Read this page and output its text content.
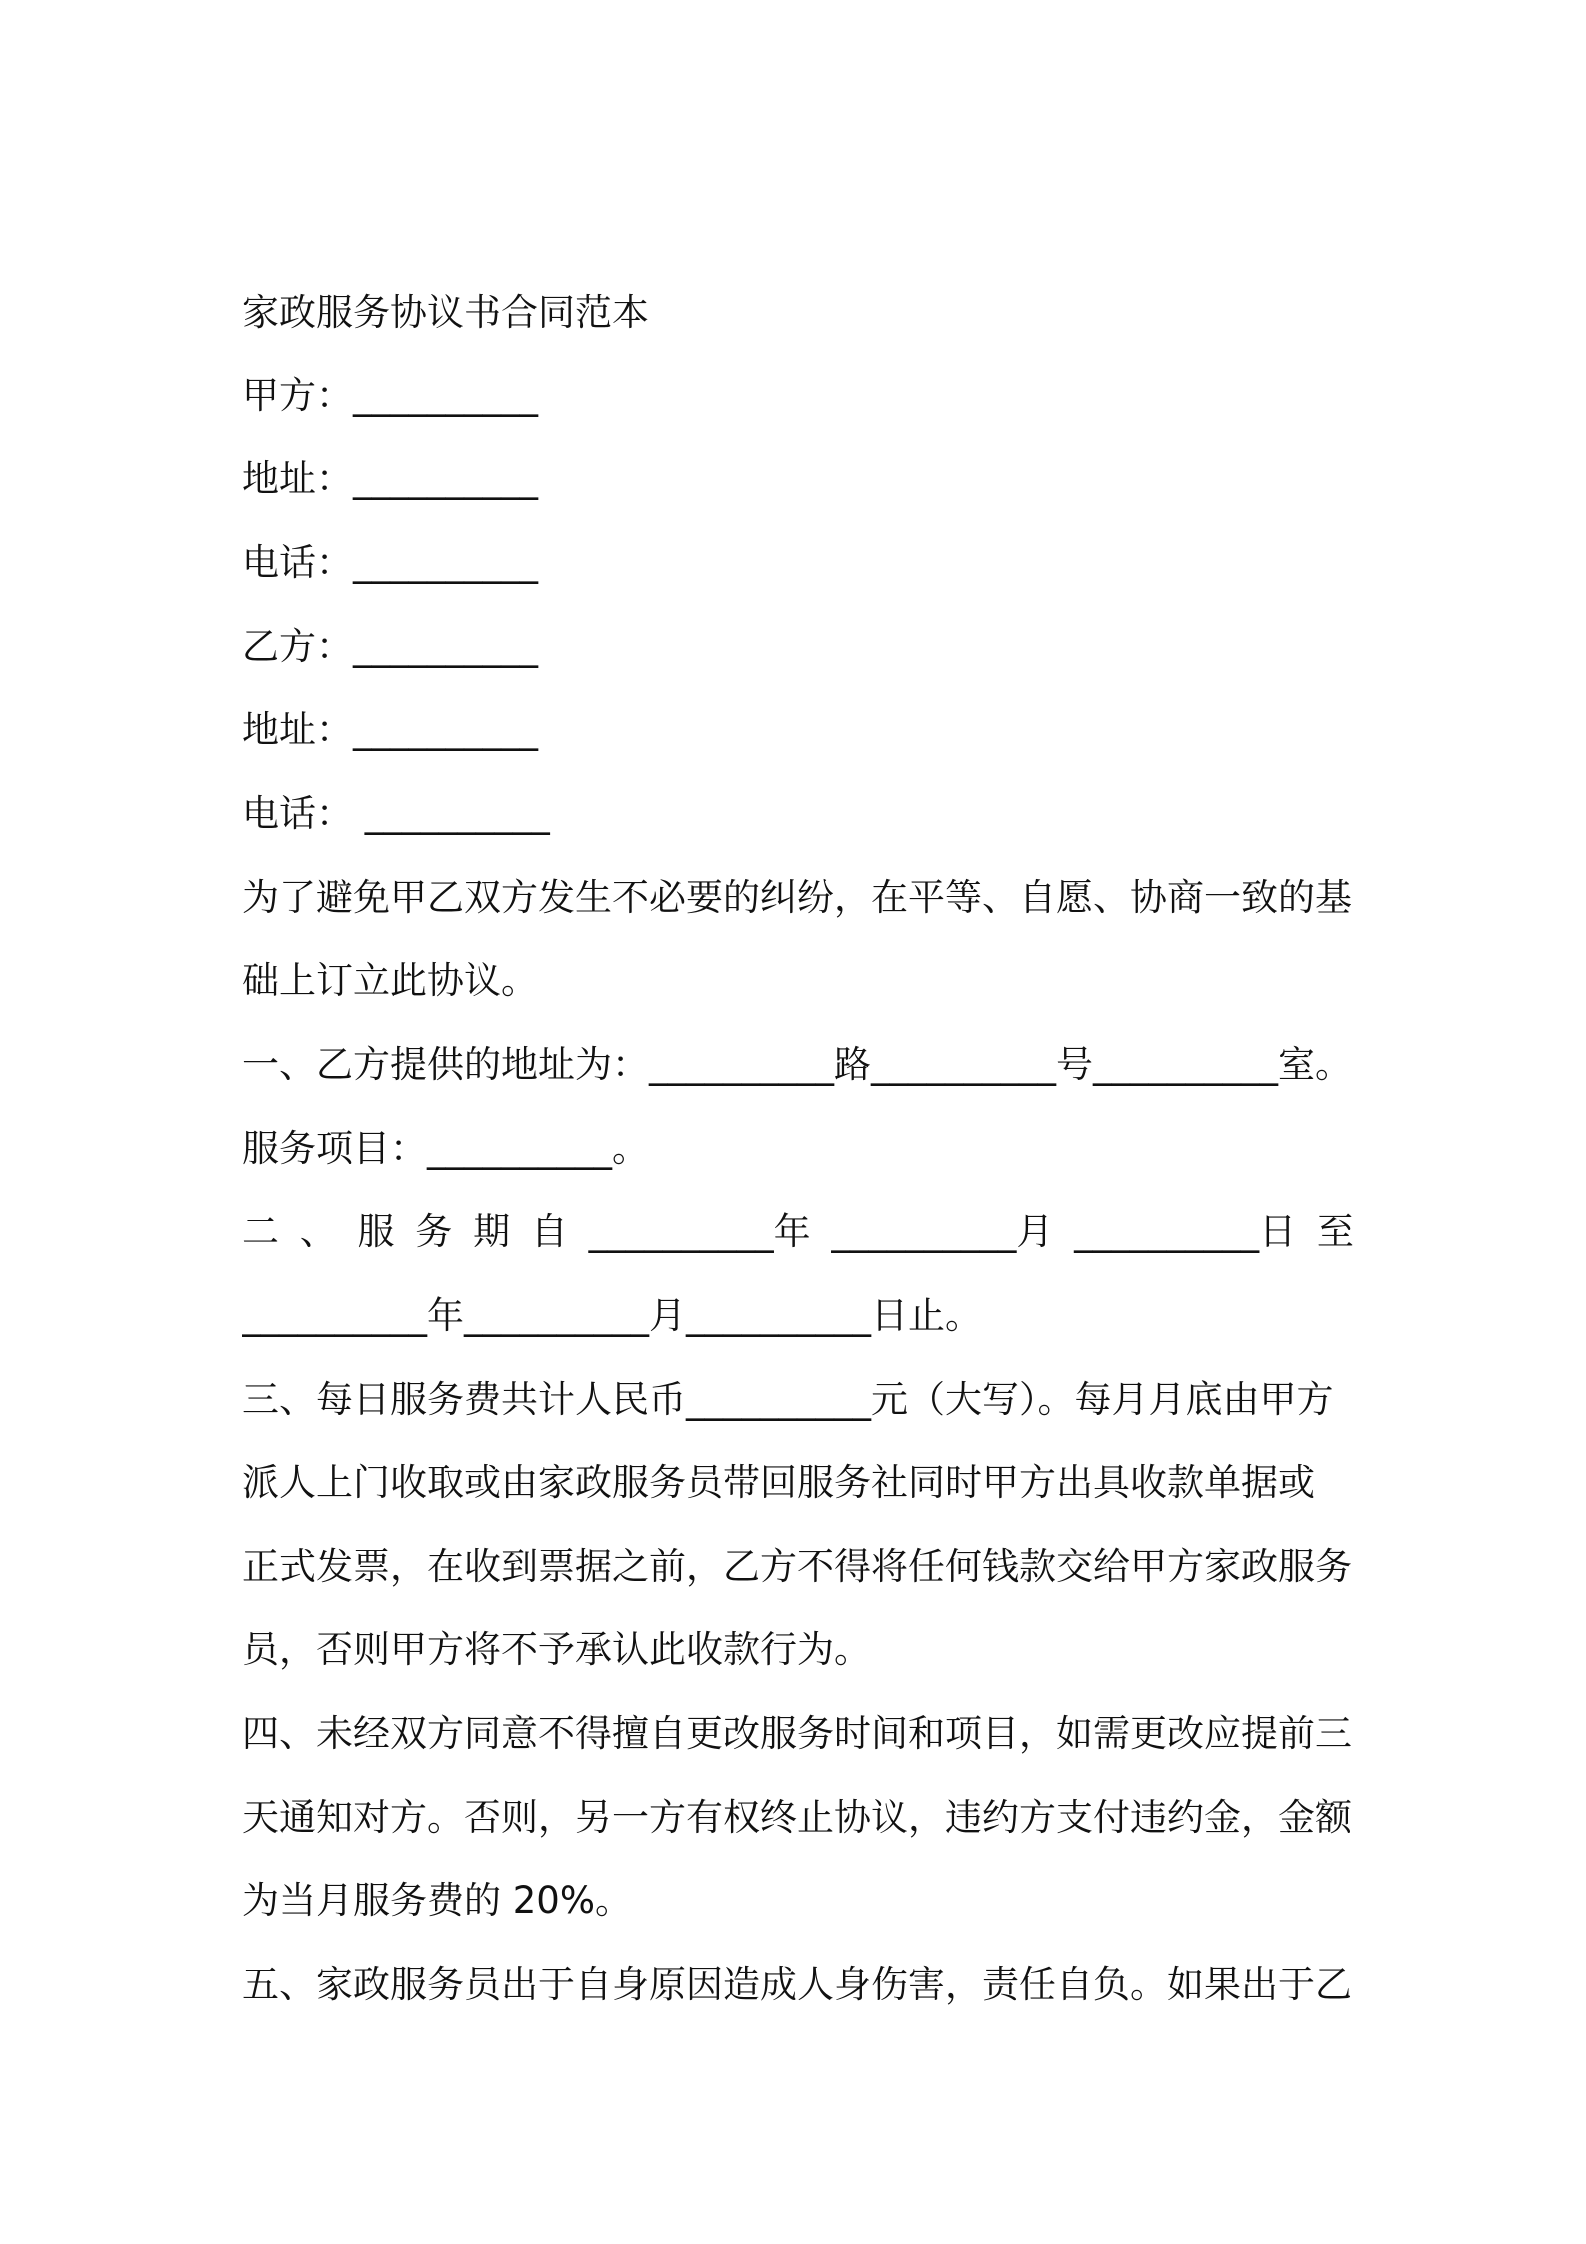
家政服务协议书合同范本
甲方：__________
地址：__________
电话：__________
乙方：__________
地址：__________
电话： __________
为了避免甲乙双方发生不必要的纠纷，在平等、自愿、协商一致的基
础上订立此协议。
一、乙方提供的地址为：__________路__________号__________室。
服务项目：__________。
二 、 服 务 期 自 __________年 __________月 __________日 至
__________年__________月__________日止。
三、每日服务费共计人民币__________元（大写）。每月月底由甲方
派人上门收取或由家政服务员带回服务社同时甲方出具收款单据或
正式发票，在收到票据之前，乙方不得将任何钱款交给甲方家政服务
员，否则甲方将不予承认此收款行为。
四、未经双方同意不得擅自更改服务时间和项目，如需更改应提前三
天通知对方。否则，另一方有权终止协议，违约方支付违约金，金额
为当月服务费的 20%。
五、家政服务员出于自身原因造成人身伤害，责任自负。如果出于乙
